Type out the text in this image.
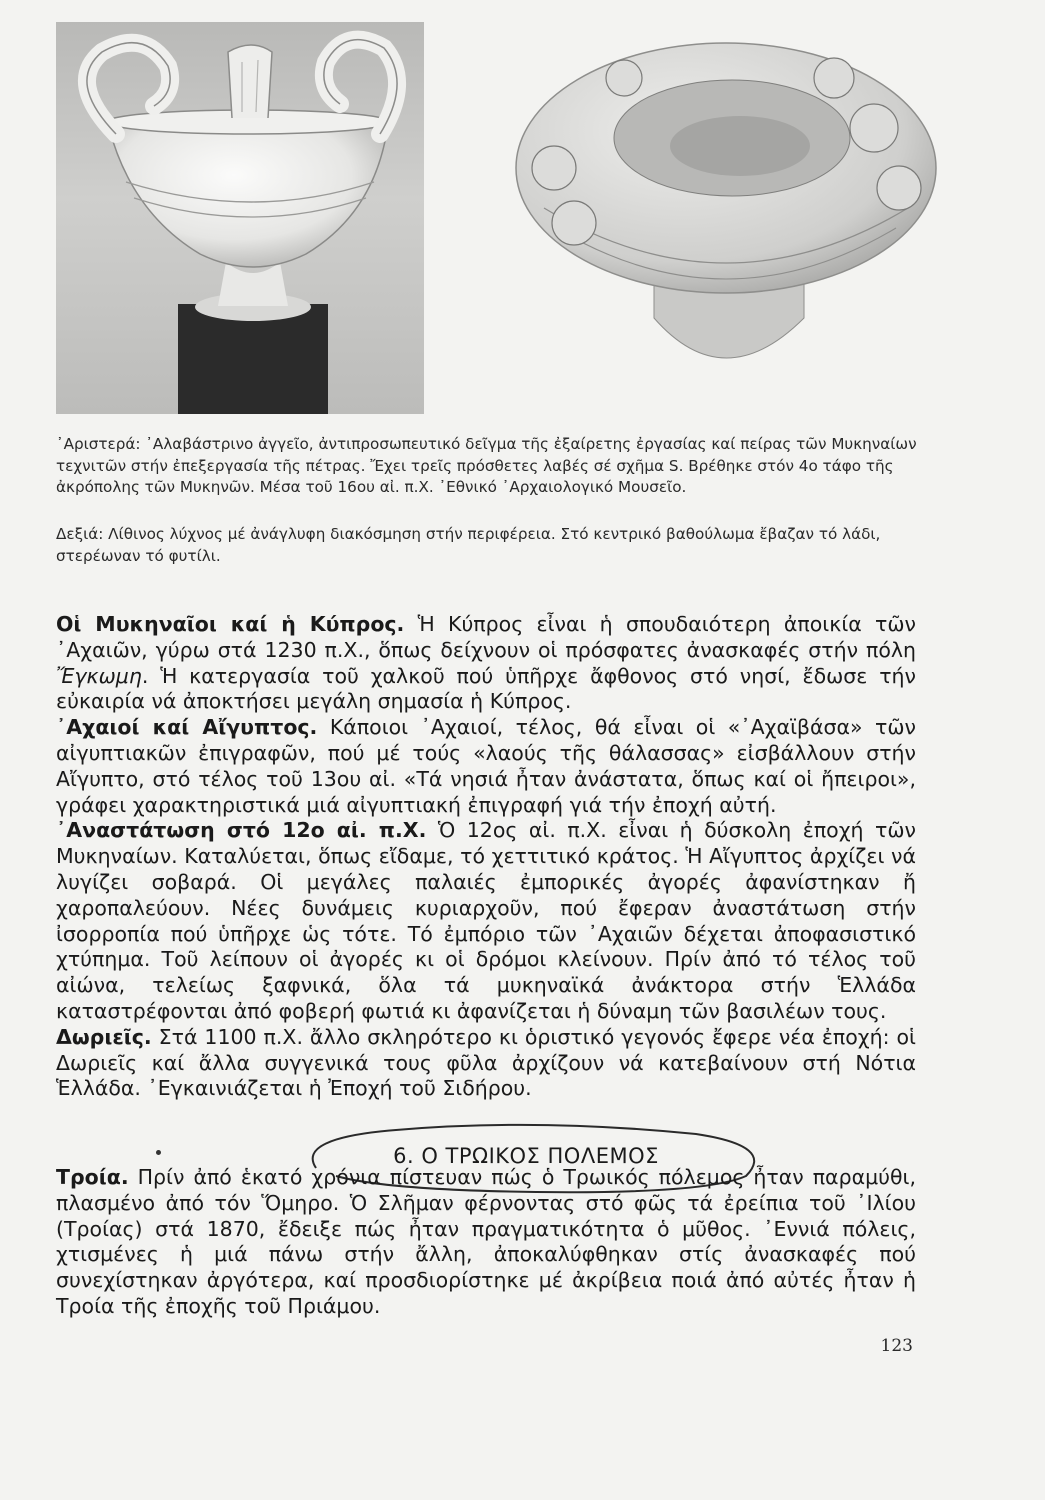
᾿Αριστερά: ᾿Αλαβάστρινο ἀγγεῖο, ἀντιπροσωπευτικό δεῖγμα τῆς ἐξαίρετης ἐργασίας καί πείρας τῶν Μυκηναίων τεχνιτῶν στήν ἐπεξεργασία τῆς πέτρας. Ἔχει τρεῖς πρόσθετες λαβές σέ σχῆμα S. Βρέθηκε στόν 4ο τάφο τῆς ἀκρόπολης τῶν Μυκηνῶν. Μέσα τοῦ 16ου αἰ. π.Χ. ᾿Εθνικό ᾿Αρχαιολογικό Μουσεῖο.
Δεξιά: Λίθινος λύχνος μέ ἀνάγλυφη διακόσμηση στήν περιφέρεια. Στό κεντρικό βαθούλωμα ἔβαζαν τό λάδι, στερέωναν τό φυτίλι.

Οἱ Μυκηναῖοι καί ἡ Κύπρος. Ἡ Κύπρος εἶναι ἡ σπουδαιότερη ἀποικία τῶν ᾿Αχαιῶν, γύρω στά 1230 π.Χ., ὅπως δείχνουν οἱ πρόσφατες ἀνασκαφές στήν πόλη Ἔγκωμη. Ἡ κατεργασία τοῦ χαλκοῦ πού ὑπῆρχε ἄφθονος στό νησί, ἔδωσε τήν εὐκαιρία νά ἀποκτήσει μεγάλη σημασία ἡ Κύπρος.

᾿Αχαιοί καί Αἴγυπτος. Κάποιοι ᾿Αχαιοί, τέλος, θά εἶναι οἱ «᾿Αχαϊβάσα» τῶν αἰγυπτιακῶν ἐπιγραφῶν, πού μέ τούς «λαούς τῆς θάλασσας» εἰσβάλλουν στήν Αἴγυπτο, στό τέλος τοῦ 13ου αἰ. «Τά νησιά ἦταν ἀνάστατα, ὅπως καί οἱ ἤπειροι», γράφει χαρακτηριστικά μιά αἰγυπτιακή ἐπιγραφή γιά τήν ἐποχή αὐτή.

᾿Αναστάτωση στό 12ο αἰ. π.Χ. Ὁ 12ος αἰ. π.Χ. εἶναι ἡ δύσκολη ἐποχή τῶν Μυκηναίων. Καταλύεται, ὅπως εἴδαμε, τό χεττιτικό κράτος. Ἡ Αἴγυπτος ἀρχίζει νά λυγίζει σοβαρά. Οἱ μεγάλες παλαιές ἐμπορικές ἀγορές ἀφανίστηκαν ἤ χαροπαλεύουν. Νέες δυνάμεις κυριαρχοῦν, πού ἔφεραν ἀναστάτωση στήν ἰσορροπία πού ὑπῆρχε ὡς τότε. Τό ἐμπόριο τῶν ᾿Αχαιῶν δέχεται ἀποφασιστικό χτύπημα. Τοῦ λείπουν οἱ ἀγορές κι οἱ δρόμοι κλείνουν. Πρίν ἀπό τό τέλος τοῦ αἰώνα, τελείως ξαφνικά, ὅλα τά μυκηναϊκά ἀνάκτορα στήν Ἑλλάδα καταστρέφονται ἀπό φοβερή φωτιά κι ἀφανίζεται ἡ δύναμη τῶν βασιλέων τους.

Δωριεῖς. Στά 1100 π.Χ. ἄλλο σκληρότερο κι ὁριστικό γεγονός ἔφερε νέα ἐποχή: οἱ Δωριεῖς καί ἄλλα συγγενικά τους φῦλα ἀρχίζουν νά κατεβαίνουν στή Νότια Ἑλλάδα. ᾿Εγκαινιάζεται ἡ Ἐποχή τοῦ Σιδήρου.

6. Ο ΤΡΩΙΚΟΣ ΠΟΛΕΜΟΣ

Τροία. Πρίν ἀπό ἑκατό χρόνια πίστευαν πώς ὁ Τρωικός πόλεμος ἦταν παραμύθι, πλασμένο ἀπό τόν Ὅμηρο. Ὁ Σλῆμαν φέρνοντας στό φῶς τά ἐρείπια τοῦ ᾿Ιλίου (Τροίας) στά 1870, ἔδειξε πώς ἦταν πραγματικότητα ὁ μῦθος. ᾿Εννιά πόλεις, χτισμένες ἡ μιά πάνω στήν ἄλλη, ἀποκαλύφθηκαν στίς ἀνασκαφές πού συνεχίστηκαν ἀργότερα, καί προσδιορίστηκε μέ ἀκρίβεια ποιά ἀπό αὐτές ἦταν ἡ Τροία τῆς ἐποχῆς τοῦ Πριάμου.

123
